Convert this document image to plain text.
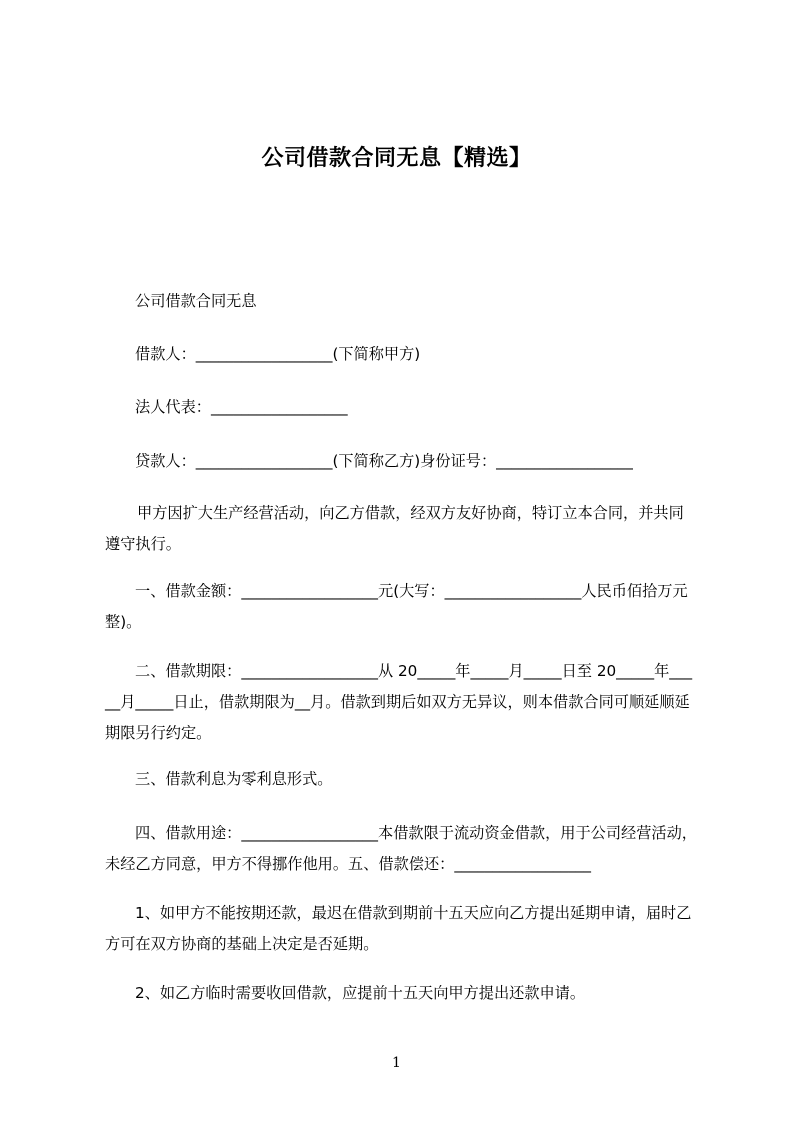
公司借款合同无息【精选】
公司借款合同无息
借款人：__________________(下简称甲方)
法人代表：__________________
贷款人：__________________(下简称乙方)身份证号：__________________
甲方因扩大生产经营活动，向乙方借款，经双方友好协商，特订立本合同，并共同遵守执行。
一、借款金额：__________________元(大写：__________________人民币佰拾万元整)。
二、借款期限：__________________从 20_____年_____月_____日至 20_____年_____月_____日止，借款期限为__月。借款到期后如双方无异议，则本借款合同可顺延顺延期限另行约定。
三、借款利息为零利息形式。
四、借款用途：__________________本借款限于流动资金借款，用于公司经营活动，未经乙方同意，甲方不得挪作他用。五、借款偿还：__________________
1、如甲方不能按期还款，最迟在借款到期前十五天应向乙方提出延期申请，届时乙方可在双方协商的基础上决定是否延期。
2、如乙方临时需要收回借款，应提前十五天向甲方提出还款申请。
1
